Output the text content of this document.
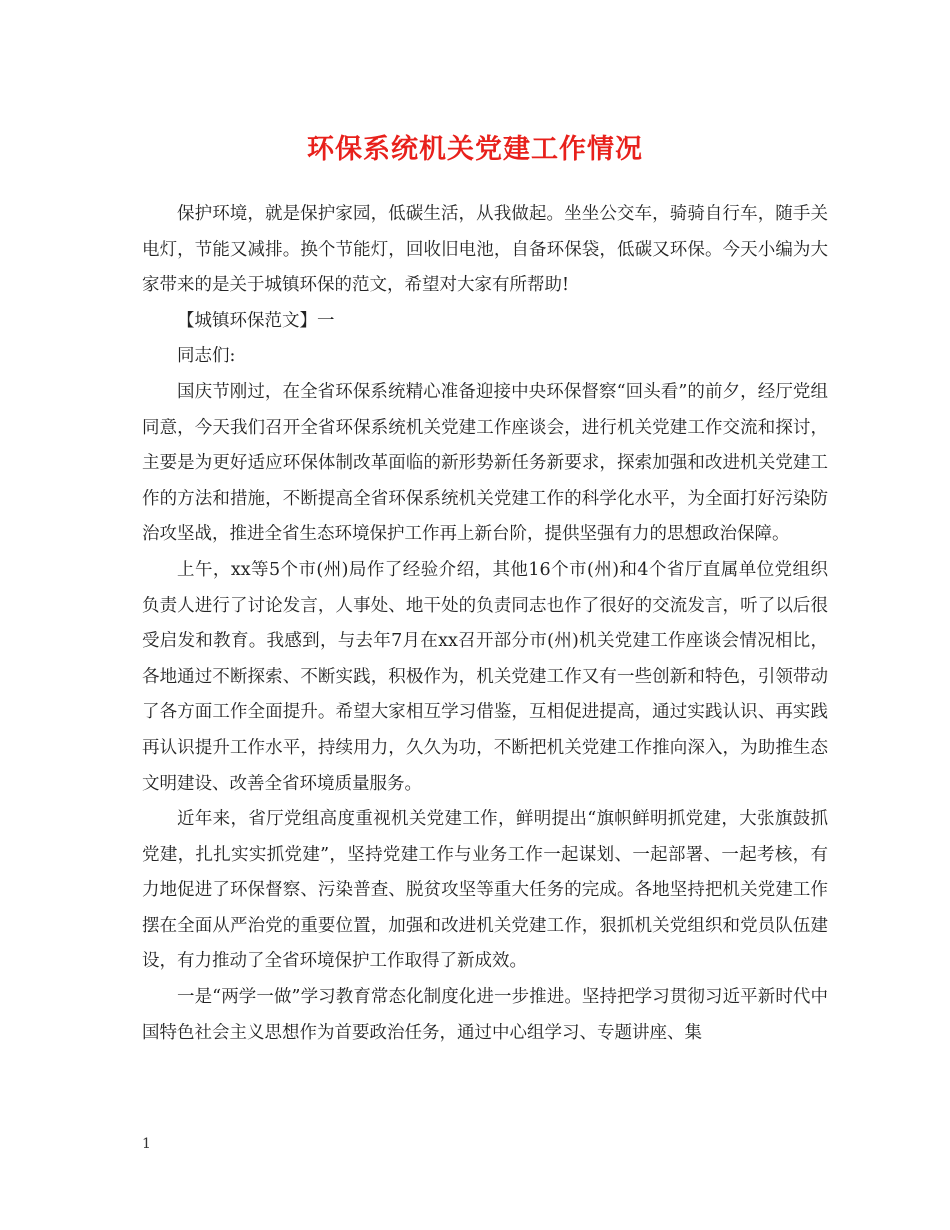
环保系统机关党建工作情况

保护环境，就是保护家园，低碳生活，从我做起。坐坐公交车，骑骑自行车，随手关电灯，节能又减排。换个节能灯，回收旧电池，自备环保袋，低碳又环保。今天小编为大家带来的是关于城镇环保的范文，希望对大家有所帮助!

【城镇环保范文】一

同志们:

国庆节刚过，在全省环保系统精心准备迎接中央环保督察“回头看”的前夕，经厅党组同意，今天我们召开全省环保系统机关党建工作座谈会，进行机关党建工作交流和探讨，主要是为更好适应环保体制改革面临的新形势新任务新要求，探索加强和改进机关党建工作的方法和措施，不断提高全省环保系统机关党建工作的科学化水平，为全面打好污染防治攻坚战，推进全省生态环境保护工作再上新台阶，提供坚强有力的思想政治保障。

上午，xx等5个市(州)局作了经验介绍，其他16个市(州)和4个省厅直属单位党组织负责人进行了讨论发言，人事处、地干处的负责同志也作了很好的交流发言，听了以后很受启发和教育。我感到，与去年7月在xx召开部分市(州)机关党建工作座谈会情况相比，各地通过不断探索、不断实践，积极作为，机关党建工作又有一些创新和特色，引领带动了各方面工作全面提升。希望大家相互学习借鉴，互相促进提高，通过实践认识、再实践再认识提升工作水平，持续用力，久久为功，不断把机关党建工作推向深入，为助推生态文明建设、改善全省环境质量服务。

近年来，省厅党组高度重视机关党建工作，鲜明提出“旗帜鲜明抓党建，大张旗鼓抓党建，扎扎实实抓党建”，坚持党建工作与业务工作一起谋划、一起部署、一起考核，有力地促进了环保督察、污染普查、脱贫攻坚等重大任务的完成。各地坚持把机关党建工作摆在全面从严治党的重要位置，加强和改进机关党建工作，狠抓机关党组织和党员队伍建设，有力推动了全省环境保护工作取得了新成效。

一是“两学一做”学习教育常态化制度化进一步推进。坚持把学习贯彻习近平新时代中国特色社会主义思想作为首要政治任务，通过中心组学习、专题讲座、集

1
